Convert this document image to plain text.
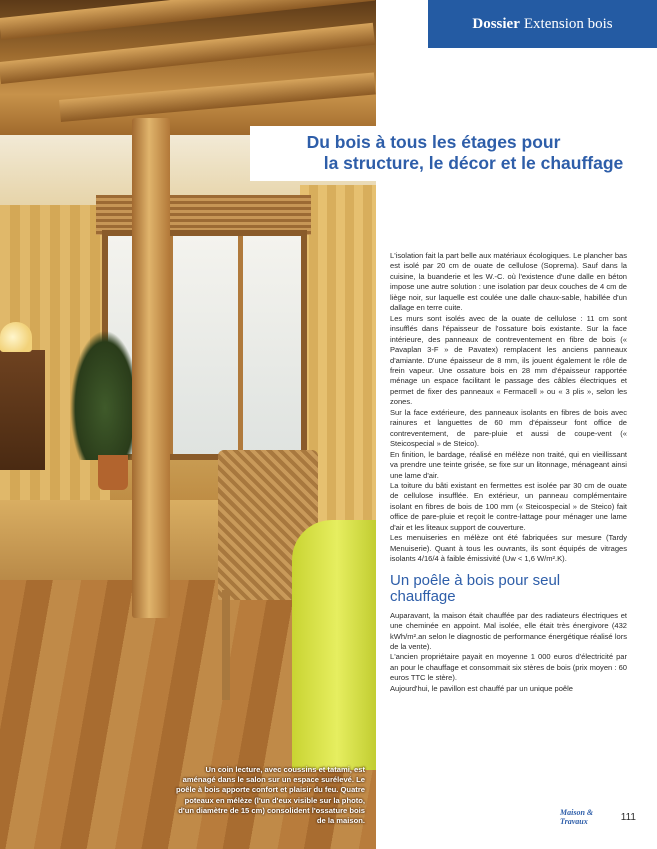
Un coin lecture, avec coussins et tatami, est aménagé dans le salon sur un espace surélevé. Le poêle à bois apporte confort et plaisir du feu. Quatre poteaux en mélèze (l'un d'eux visible sur la photo, d'un diamètre de 15 cm) consolident l'ossature bois de la maison.
Dossier Extension bois
Du bois à tous les étages pour
la structure, le décor et le chauffage

L'isolation fait la part belle aux matériaux écologiques. Le plancher bas est isolé par 20 cm de ouate de cellulose (Soprema). Sauf dans la cuisine, la buanderie et les W.-C. où l'existence d'une dalle en béton impose une autre solution : une isolation par deux couches de 4 cm de liège noir, sur laquelle est coulée une dalle chaux-sable, habillée d'un dallage en terre cuite.

Les murs sont isolés avec de la ouate de cellulose : 11 cm sont insufflés dans l'épaisseur de l'ossature bois existante. Sur la face intérieure, des panneaux de contreventement en fibre de bois (« Pavaplan 3-F » de Pavatex) remplacent les anciens panneaux d'amiante. D'une épaisseur de 8 mm, ils jouent également le rôle de frein vapeur. Une ossature bois en 28 mm d'épaisseur rapportée ménage un espace facilitant le passage des câbles électriques et permet de fixer des panneaux « Fermacell » ou « 3 plis », selon les zones.

Sur la face extérieure, des panneaux isolants en fibres de bois avec rainures et languettes de 60 mm d'épaisseur font office de contreventement, de pare-pluie et aussi de coupe-vent (« Steicospecial » de Steico).

En finition, le bardage, réalisé en mélèze non traité, qui en vieillissant va prendre une teinte grisée, se fixe sur un litonnage, ménageant ainsi une lame d'air.

La toiture du bâti existant en fermettes est isolée par 30 cm de ouate de cellulose insufflée. En extérieur, un panneau complémentaire isolant en fibres de bois de 100 mm (« Steicospecial » de Steico) fait office de pare-pluie et reçoit le contre-lattage pour ménager une lame d'air et les liteaux support de couverture.

Les menuiseries en mélèze ont été fabriquées sur mesure (Tardy Menuiserie). Quant à tous les ouvrants, ils sont équipés de vitrages isolants 4/16/4 à faible émissivité (Uw < 1,6 W/m².K).

Un poêle à bois pour seul chauffage

Auparavant, la maison était chauffée par des radiateurs électriques et une cheminée en appoint. Mal isolée, elle était très énergivore (432 kWh/m².an selon le diagnostic de performance énergétique réalisé lors de la vente).

L'ancien propriétaire payait en moyenne 1 000 euros d'électricité par an pour le chauffage et consommait six stères de bois (prix moyen : 60 euros TTC le stère).

Aujourd'hui, le pavillon est chauffé par un unique poêle

Maison & Travaux	111
